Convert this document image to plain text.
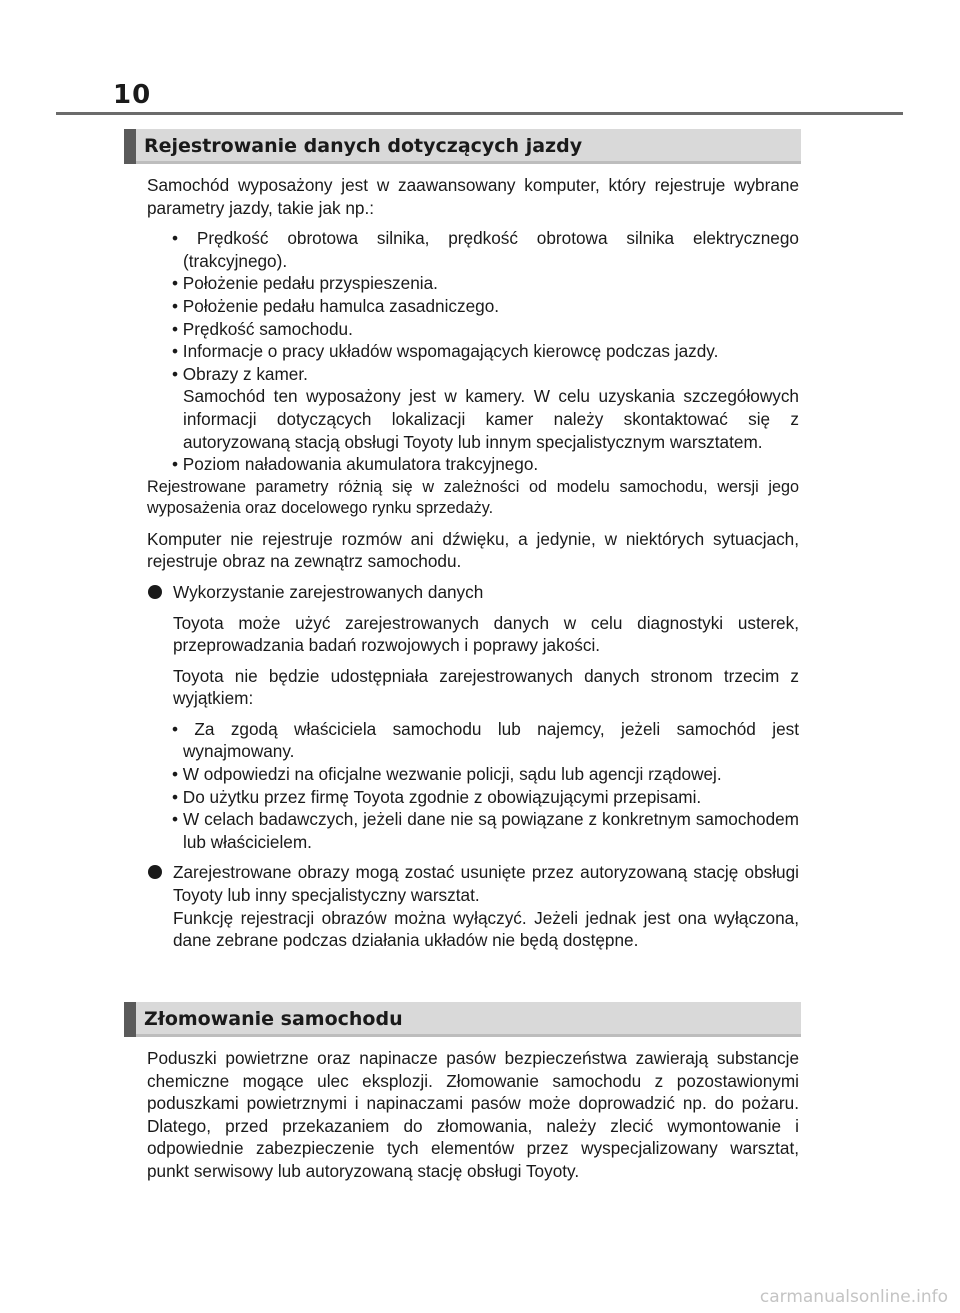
10
Rejestrowanie danych dotyczących jazdy

Samochód wyposażony jest w zaawansowany komputer, który rejestruje wybrane parametry jazdy, takie jak np.:

• Prędkość obrotowa silnika, prędkość obrotowa silnika elektrycznego (trakcyjnego).
• Położenie pedału przyspieszenia.
• Położenie pedału hamulca zasadniczego.
• Prędkość samochodu.
• Informacje o pracy układów wspomagających kierowcę podczas jazdy.
• Obrazy z kamer.
Samochód ten wyposażony jest w kamery. W celu uzyskania szczegółowych informacji dotyczących lokalizacji kamer należy skontaktować się z autoryzowaną stacją obsługi Toyoty lub innym specjalistycznym warsztatem.
• Poziom naładowania akumulatora trakcyjnego.

Rejestrowane parametry różnią się w zależności od modelu samochodu, wersji jego wyposażenia oraz docelowego rynku sprzedaży.

Komputer nie rejestruje rozmów ani dźwięku, a jedynie, w niektórych sytuacjach, rejestruje obraz na zewnątrz samochodu.

Wykorzystanie zarejestrowanych danych

Toyota może użyć zarejestrowanych danych w celu diagnostyki usterek, przeprowadzania badań rozwojowych i poprawy jakości.

Toyota nie będzie udostępniała zarejestrowanych danych stronom trzecim z wyjątkiem:

• Za zgodą właściciela samochodu lub najemcy, jeżeli samochód jest wynajmowany.
• W odpowiedzi na oficjalne wezwanie policji, sądu lub agencji rządowej.
• Do użytku przez firmę Toyota zgodnie z obowiązującymi przepisami.
• W celach badawczych, jeżeli dane nie są powiązane z konkretnym samochodem lub właścicielem.
Zarejestrowane obrazy mogą zostać usunięte przez autoryzowaną stację obsługi Toyoty lub inny specjalistyczny warsztat.

Funkcję rejestracji obrazów można wyłączyć. Jeżeli jednak jest ona wyłączona, dane zebrane podczas działania układów nie będą dostępne.

Złomowanie samochodu

Poduszki powietrzne oraz napinacze pasów bezpieczeństwa zawierają substancje chemiczne mogące ulec eksplozji. Złomowanie samochodu z pozostawionymi poduszkami powietrznymi i napinaczami pasów może doprowadzić np. do pożaru. Dlatego, przed przekazaniem do złomowania, należy zlecić wymontowanie i odpowiednie zabezpieczenie tych elementów przez wyspecjalizowany warsztat, punkt serwisowy lub autoryzowaną stację obsługi Toyoty.

carmanualsonline.info
